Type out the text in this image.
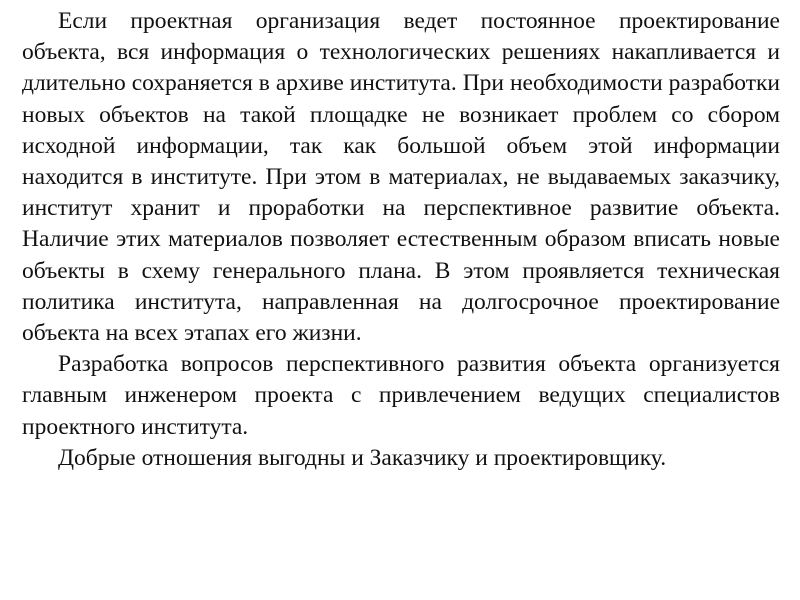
Если проектная организация ведет постоянное проектирование объекта, вся информация о технологических решениях накапливается и длительно сохраняется в архиве института. При необходимости разработки новых объектов на такой площадке не возникает проблем со сбором исходной информации, так как большой объем этой информации находится в институте. При этом в материалах, не выдаваемых заказчику, институт хранит и проработки на перспективное развитие объекта. Наличие этих материалов позволяет естественным образом вписать новые объекты в схему генерального плана. В этом проявляется техническая политика института, направленная на долгосрочное проектирование объекта на всех этапах его жизни.

Разработка вопросов перспективного развития объекта организуется главным инженером проекта с привлечением ведущих специалистов проектного института.

Добрые отношения выгодны и Заказчику и проектировщику.
